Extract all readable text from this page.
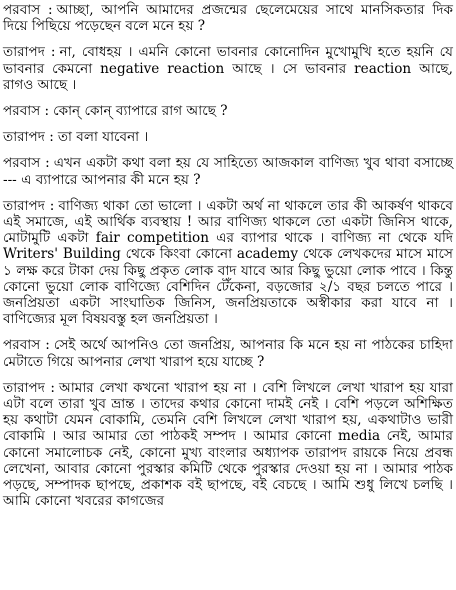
পরবাস : আচ্ছা, আপনি আমাদের প্রজন্মের ছেলেমেয়ের সাথে মানসিকতার দিক দিয়ে পিছিয়ে পড়েছেন বলে মনে হয় ?

তারাপদ : না, বোধহয় । এমনি কোনো ভাবনার কোনোদিন মুখোমুখি হতে হয়নি যে ভাবনার কেমনো negative reaction আছে । সে ভাবনার reaction আছে, রাগও আছে ।

পরবাস : কোন্ কোন্ ব্যাপারে রাগ আছে ?

তারাপদ : তা বলা যাবেনা ।

পরবাস : এখন একটা কথা বলা হয় যে সাহিত্যে আজকাল বাণিজ্য খুব থাবা বসাচ্ছে --- এ ব্যাপারে আপনার কী মনে হয় ?

তারাপদ : বাণিজ্য থাকা তো ভালো । একটা অর্থ না থাকলে তার কী আকর্ষণ থাকবে এই সমাজে, এই আর্থিক ব্যবস্থায় ! আর বাণিজ্য থাকলে তো একটা জিনিস থাকে, মোটামুটি একটা fair competition এর ব্যাপার থাকে । বাণিজ্য না থেকে যদি Writers' Building থেকে কিংবা কোনো academy থেকে লেখকদের মাসে মাসে ১ লক্ষ করে টাকা দেয় কিছু প্রকৃত লোক বাদ যাবে আর কিছু ভুয়ো লোক পাবে । কিন্তু কোনো ভুয়ো লোক বাণিজ্যে বেশিদিন টেঁকেনা, বড়জোর ২/১ বছর চলতে পারে । জনপ্রিয়তা একটা সাংঘাতিক জিনিস, জনপ্রিয়তাকে অস্বীকার করা যাবে না । বাণিজ্যের মূল বিষয়বস্তু হল জনপ্রিয়তা ।

পরবাস : সেই অর্থে আপনিও তো জনপ্রিয়, আপনার কি মনে হয় না পাঠকের চাহিদা মেটাতে গিয়ে আপনার লেখা খারাপ হয়ে যাচ্ছে ?

তারাপদ : আমার লেখা কখনো খারাপ হয় না । বেশি লিখলে লেখা খারাপ হয় যারা এটা বলে তারা খুব ভ্রান্ত । তাদের কথার কোনো দামই নেই । বেশি পড়লে অশিক্ষিত হয় কথাটা যেমন বোকামি, তেমনি বেশি লিখলে লেখা খারাপ হয়, একথাটাও ভারী বোকামি । আর আমার তো পাঠকই সম্পদ । আমার কোনো media নেই, আমার কোনো সমালোচক নেই, কোনো মুখ্য বাংলার অধ্যাপক তারাপদ রায়কে নিয়ে প্রবন্ধ লেখেনা, আবার কোনো পুরস্কার কমিটি থেকে পুরস্কার দেওয়া হয় না । আমার পাঠক পড়ছে, সম্পাদক ছাপছে, প্রকাশক বই ছাপছে, বই বেচছে । আমি শুধু লিখে চলছি । আমি কোনো খবরের কাগজের
